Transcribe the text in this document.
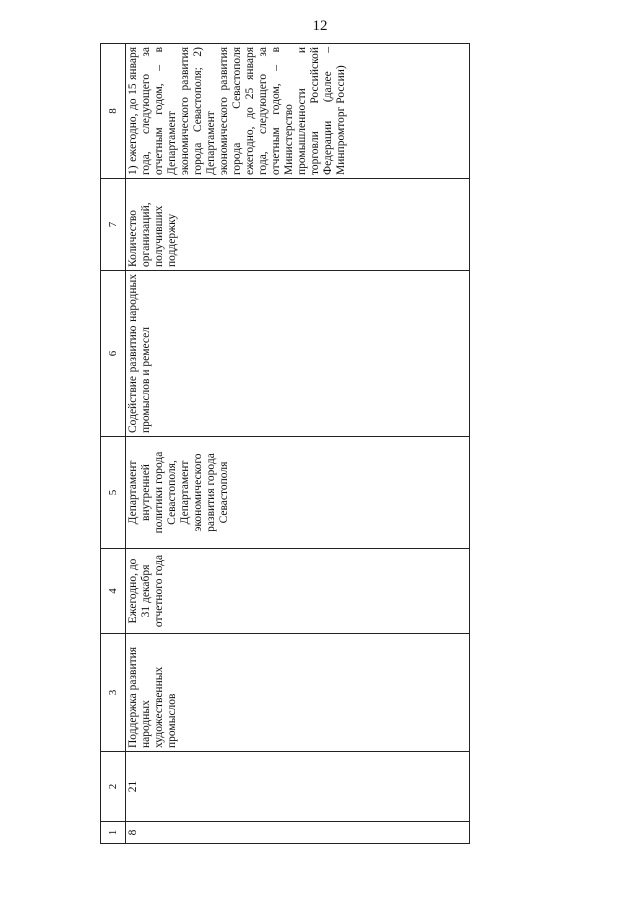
12
1	2	3	4	5	6	7	8
8	21	Поддержка развития народных художественных промыслов	Ежегодно, до 31 декабря отчетного года	Департамент внутренней политики города Севастополя, Департамент экономического развития города Севастополя	Содействие развитию народных промыслов и ремесел	Количество организаций, получивших поддержку	1) ежегодно, до 15 января года, следующего за отчетным годом, – в Департамент экономического развития города Севастополя; 2) Департамент экономического развития города Севастополя ежегодно, до 25 января года, следующего за отчетным годом, – в Министерство промышленности и торговли Российской Федерации (далее – Минпромторг России)
